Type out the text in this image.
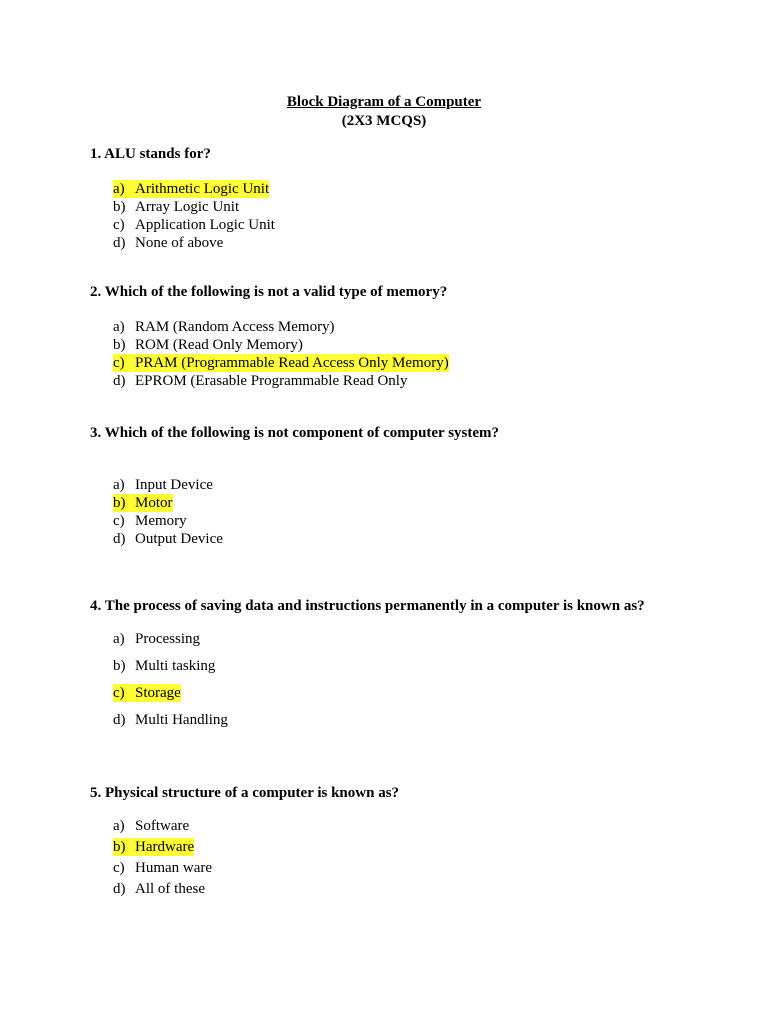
Block Diagram of a Computer
(2X3 MCQS)
1. ALU stands for?
a) Arithmetic Logic Unit
b) Array Logic Unit
c) Application Logic Unit
d) None of above
2. Which of the following is not a valid type of memory?
a) RAM (Random Access Memory)
b) ROM (Read Only Memory)
c) PRAM (Programmable Read Access Only Memory)
d) EPROM (Erasable Programmable Read Only
3. Which of the following is not component of computer system?
a) Input Device
b) Motor
c) Memory
d) Output Device
4. The process of saving data and instructions permanently in a computer is known as?
a) Processing
b) Multi tasking
c) Storage
d) Multi Handling
5. Physical structure of a computer is known as?
a) Software
b) Hardware
c) Human ware
d) All of these
